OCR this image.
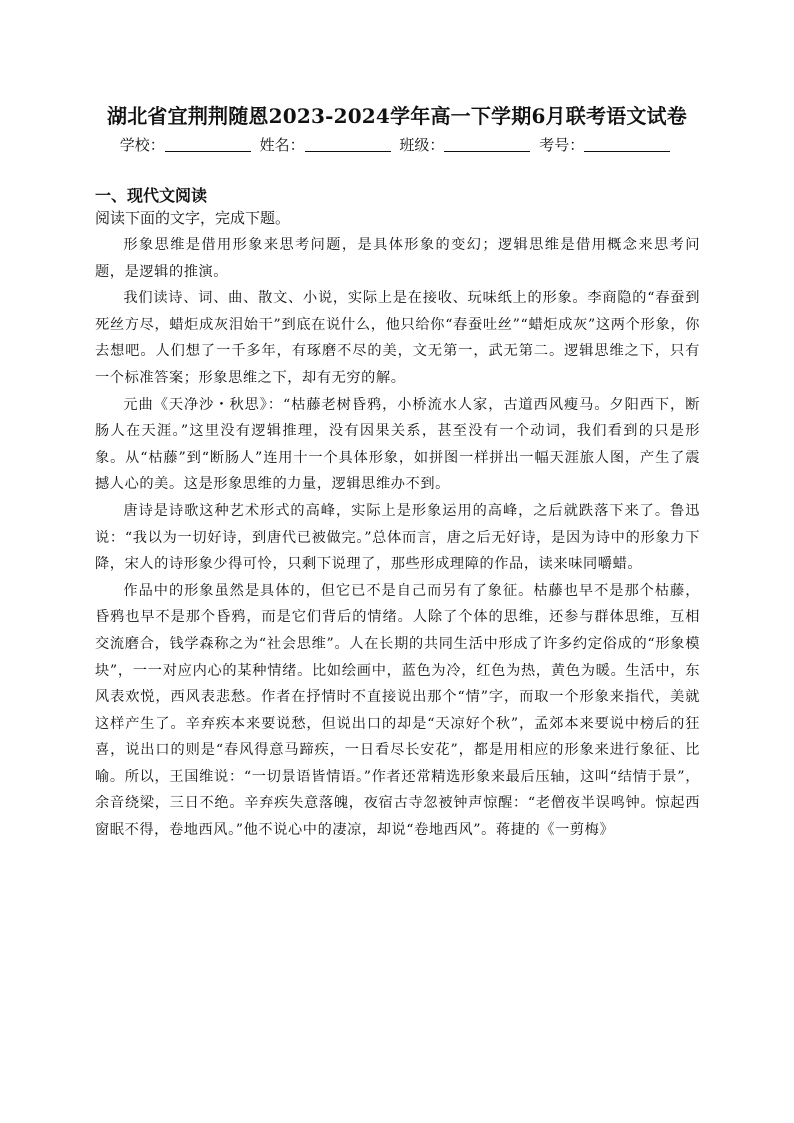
湖北省宜荆荆随恩2023-2024学年高一下学期6月联考语文试卷
学校：	姓名：	班级：	考号：
一、现代文阅读
阅读下面的文字，完成下题。

形象思维是借用形象来思考问题，是具体形象的变幻；逻辑思维是借用概念来思考问题，是逻辑的推演。

我们读诗、词、曲、散文、小说，实际上是在接收、玩味纸上的形象。李商隐的“春蚕到死丝方尽，蜡炬成灰泪始干”到底在说什么，他只给你“春蚕吐丝”“蜡炬成灰”这两个形象，你去想吧。人们想了一千多年，有琢磨不尽的美，文无第一，武无第二。逻辑思维之下，只有一个标准答案；形象思维之下，却有无穷的解。

元曲《天净沙・秋思》：“枯藤老树昏鸦，小桥流水人家，古道西风瘦马。夕阳西下，断肠人在天涯。”这里没有逻辑推理，没有因果关系，甚至没有一个动词，我们看到的只是形象。从“枯藤”到“断肠人”连用十一个具体形象，如拼图一样拼出一幅天涯旅人图，产生了震撼人心的美。这是形象思维的力量，逻辑思维办不到。

唐诗是诗歌这种艺术形式的高峰，实际上是形象运用的高峰，之后就跌落下来了。鲁迅说：“我以为一切好诗，到唐代已被做完。”总体而言，唐之后无好诗，是因为诗中的形象力下降，宋人的诗形象少得可怜，只剩下说理了，那些形成理障的作品，读来味同嚼蜡。

作品中的形象虽然是具体的，但它已不是自己而另有了象征。枯藤也早不是那个枯藤，昏鸦也早不是那个昏鸦，而是它们背后的情绪。人除了个体的思维，还参与群体思维，互相交流磨合，钱学森称之为“社会思维”。人在长期的共同生活中形成了许多约定俗成的“形象模块”，一一对应内心的某种情绪。比如绘画中，蓝色为冷，红色为热，黄色为暖。生活中，东风表欢悦，西风表悲愁。作者在抒情时不直接说出那个“情”字，而取一个形象来指代，美就这样产生了。辛弃疾本来要说愁，但说出口的却是“天凉好个秋”，孟郊本来要说中榜后的狂喜，说出口的则是“春风得意马蹄疾，一日看尽长安花”，都是用相应的形象来进行象征、比喻。所以，王国维说：“一切景语皆情语。”作者还常精选形象来最后压轴，这叫“结情于景”，余音绕梁，三日不绝。辛弃疾失意落魄，夜宿古寺忽被钟声惊醒：“老僧夜半误鸣钟。惊起西窗眠不得，卷地西风。”他不说心中的凄凉，却说“卷地西风”。蒋捷的《一剪梅》
